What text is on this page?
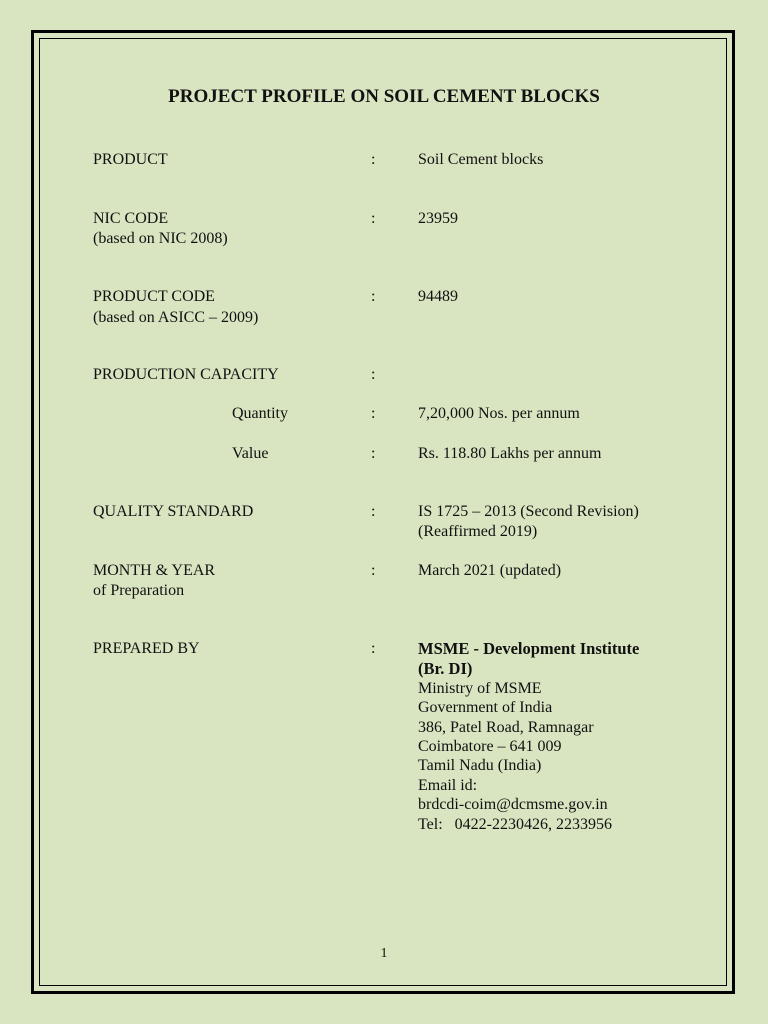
PROJECT PROFILE ON SOIL CEMENT BLOCKS
PRODUCT	:	Soil Cement blocks
NIC CODE
(based on NIC 2008)
:	23959
PRODUCT CODE
(based on ASICC – 2009)
:	94489
PRODUCTION CAPACITY	:
Quantity	:	7,20,000 Nos. per annum
Value	:	Rs. 118.80 Lakhs per annum
QUALITY STANDARD	:	IS 1725 – 2013 (Second Revision)
(Reaffirmed 2019)
MONTH & YEAR
of Preparation
:	March 2021 (updated)
PREPARED BY	:	MSME - Development Institute
(Br. DI)
Ministry of MSME
Government of India
386, Patel Road, Ramnagar
Coimbatore – 641 009
Tamil Nadu (India)
Email id:
brdcdi-coim@dcmsme.gov.in
Tel:   0422-2230426, 2233956
1
